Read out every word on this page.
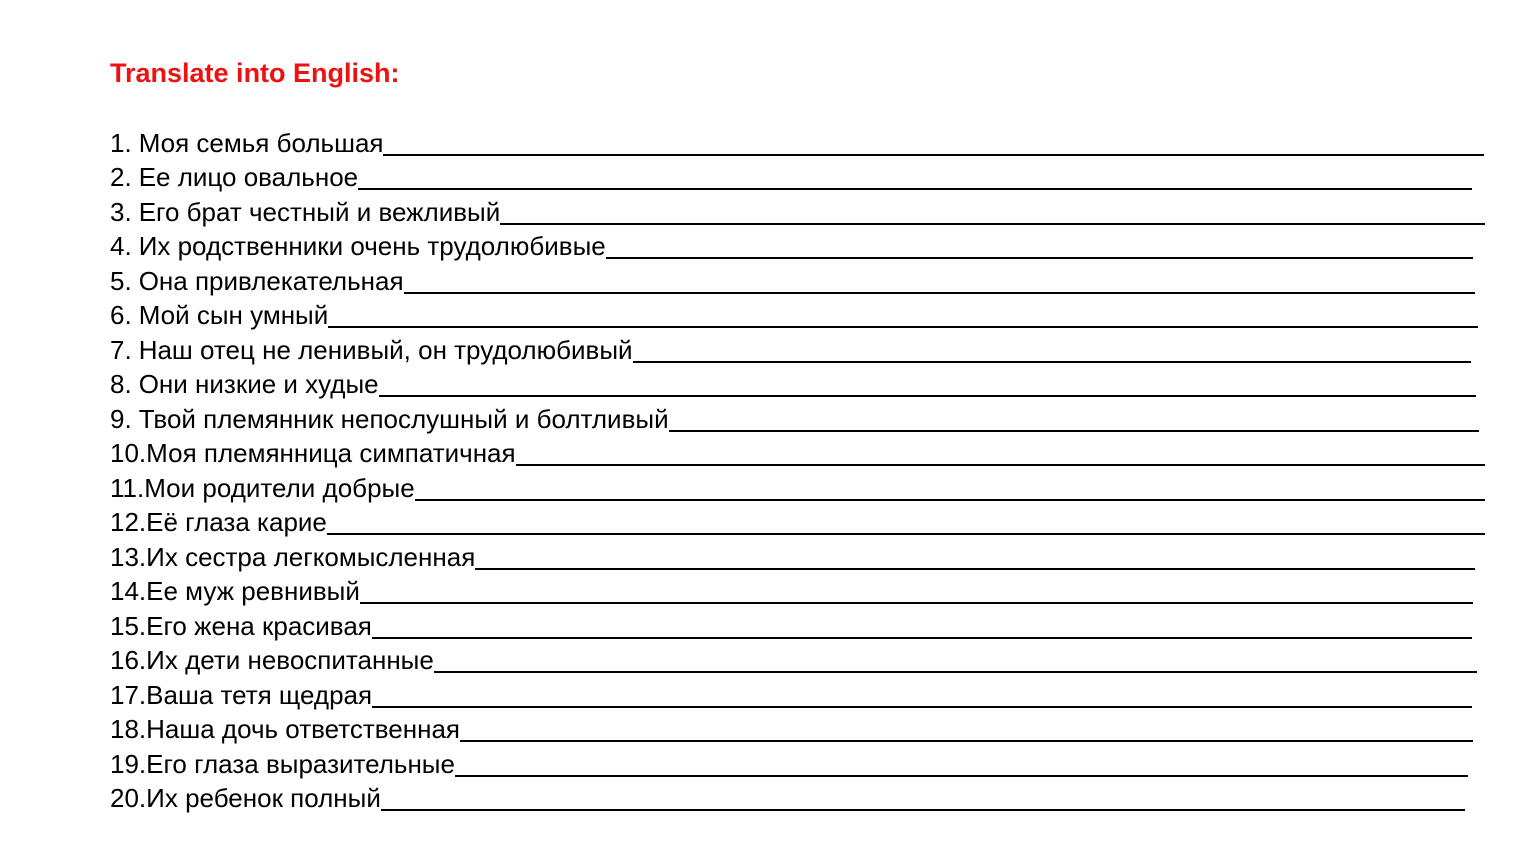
Translate into English:
1. Моя семья большая
2. Ее лицо овальное
3. Его брат честный и вежливый
4. Их родственники очень трудолюбивые
5. Она привлекательная
6. Мой сын умный
7. Наш отец не ленивый, он трудолюбивый
8. Они низкие и худые
9. Твой племянник непослушный и болтливый
10. Моя племянница симпатичная
11. Мои родители добрые
12. Её глаза карие
13. Их сестра легкомысленная
14. Ее муж ревнивый
15. Его жена красивая
16. Их дети невоспитанные
17. Ваша тетя щедрая
18. Наша дочь ответственная
19. Его глаза выразительные
20. Их ребенок полный
